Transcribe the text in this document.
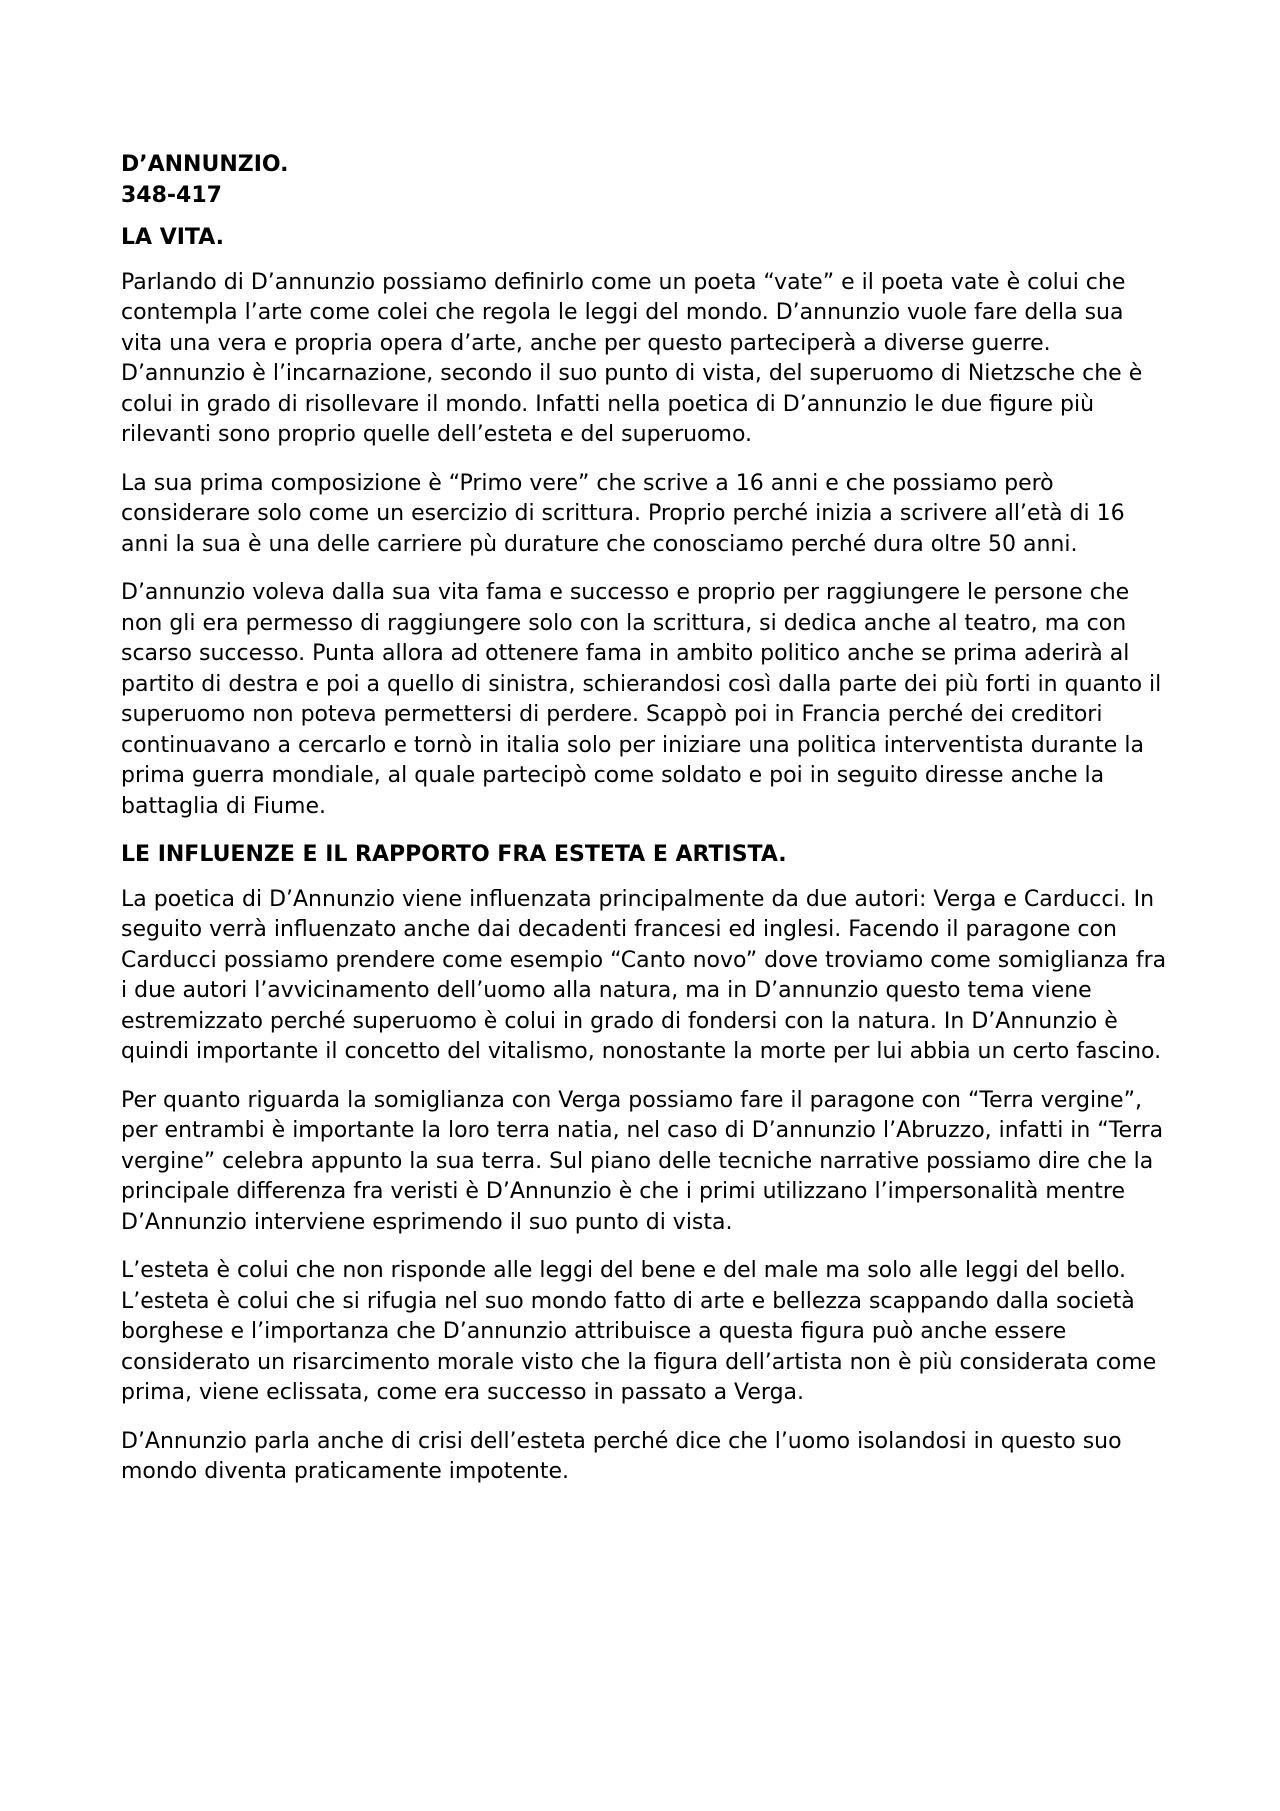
D’ANNUNZIO.
348-417
LA VITA.

Parlando di D’annunzio possiamo definirlo come un poeta “vate” e il poeta vate è colui che contempla l’arte come colei che regola le leggi del mondo. D’annunzio vuole fare della sua vita una vera e propria opera d’arte, anche per questo parteciperà a diverse guerre. D’annunzio è l’incarnazione, secondo il suo punto di vista, del superuomo di Nietzsche che è colui in grado di risollevare il mondo. Infatti nella poetica di D’annunzio le due figure più rilevanti sono proprio quelle dell’esteta e del superuomo.

La sua prima composizione è “Primo vere” che scrive a 16 anni e che possiamo però considerare solo come un esercizio di scrittura. Proprio perché inizia a scrivere all’età di 16 anni la sua è una delle carriere pù durature che conosciamo perché dura oltre 50 anni.

D’annunzio voleva dalla sua vita fama e successo e proprio per raggiungere le persone che non gli era permesso di raggiungere solo con la scrittura, si dedica anche al teatro, ma con scarso successo. Punta allora ad ottenere fama in ambito politico anche se prima aderirà al partito di destra e poi a quello di sinistra, schierandosi così dalla parte dei più forti in quanto il superuomo non poteva permettersi di perdere. Scappò poi in Francia perché dei creditori continuavano a cercarlo e tornò in italia solo per iniziare una politica interventista durante la prima guerra mondiale, al quale partecipò come soldato e poi in seguito diresse anche la battaglia di Fiume.

LE INFLUENZE E IL RAPPORTO FRA ESTETA E ARTISTA.

La poetica di D’Annunzio viene influenzata principalmente da due autori: Verga e Carducci. In seguito verrà influenzato anche dai decadenti francesi ed inglesi. Facendo il paragone con Carducci possiamo prendere come esempio “Canto novo” dove troviamo come somiglianza fra i due autori l’avvicinamento dell’uomo alla natura, ma in D’annunzio questo tema viene estremizzato perché superuomo è colui in grado di fondersi con la natura. In D’Annunzio è quindi importante il concetto del vitalismo, nonostante la morte per lui abbia un certo fascino.

Per quanto riguarda la somiglianza con Verga possiamo fare il paragone con “Terra vergine”, per entrambi è importante la loro terra natia, nel caso di D’annunzio l’Abruzzo, infatti in “Terra vergine” celebra appunto la sua terra. Sul piano delle tecniche narrative possiamo dire che la principale differenza fra veristi è D’Annunzio è che i primi utilizzano l’impersonalità mentre D’Annunzio interviene esprimendo il suo punto di vista.

L’esteta è colui che non risponde alle leggi del bene e del male ma solo alle leggi del bello. L’esteta è colui che si rifugia nel suo mondo fatto di arte e bellezza scappando dalla società borghese e l’importanza che D’annunzio attribuisce a questa figura può anche essere considerato un risarcimento morale visto che la figura dell’artista non è più considerata come prima, viene eclissata, come era successo in passato a Verga.

D’Annunzio parla anche di crisi dell’esteta perché dice che l’uomo isolandosi in questo suo mondo diventa praticamente impotente.
